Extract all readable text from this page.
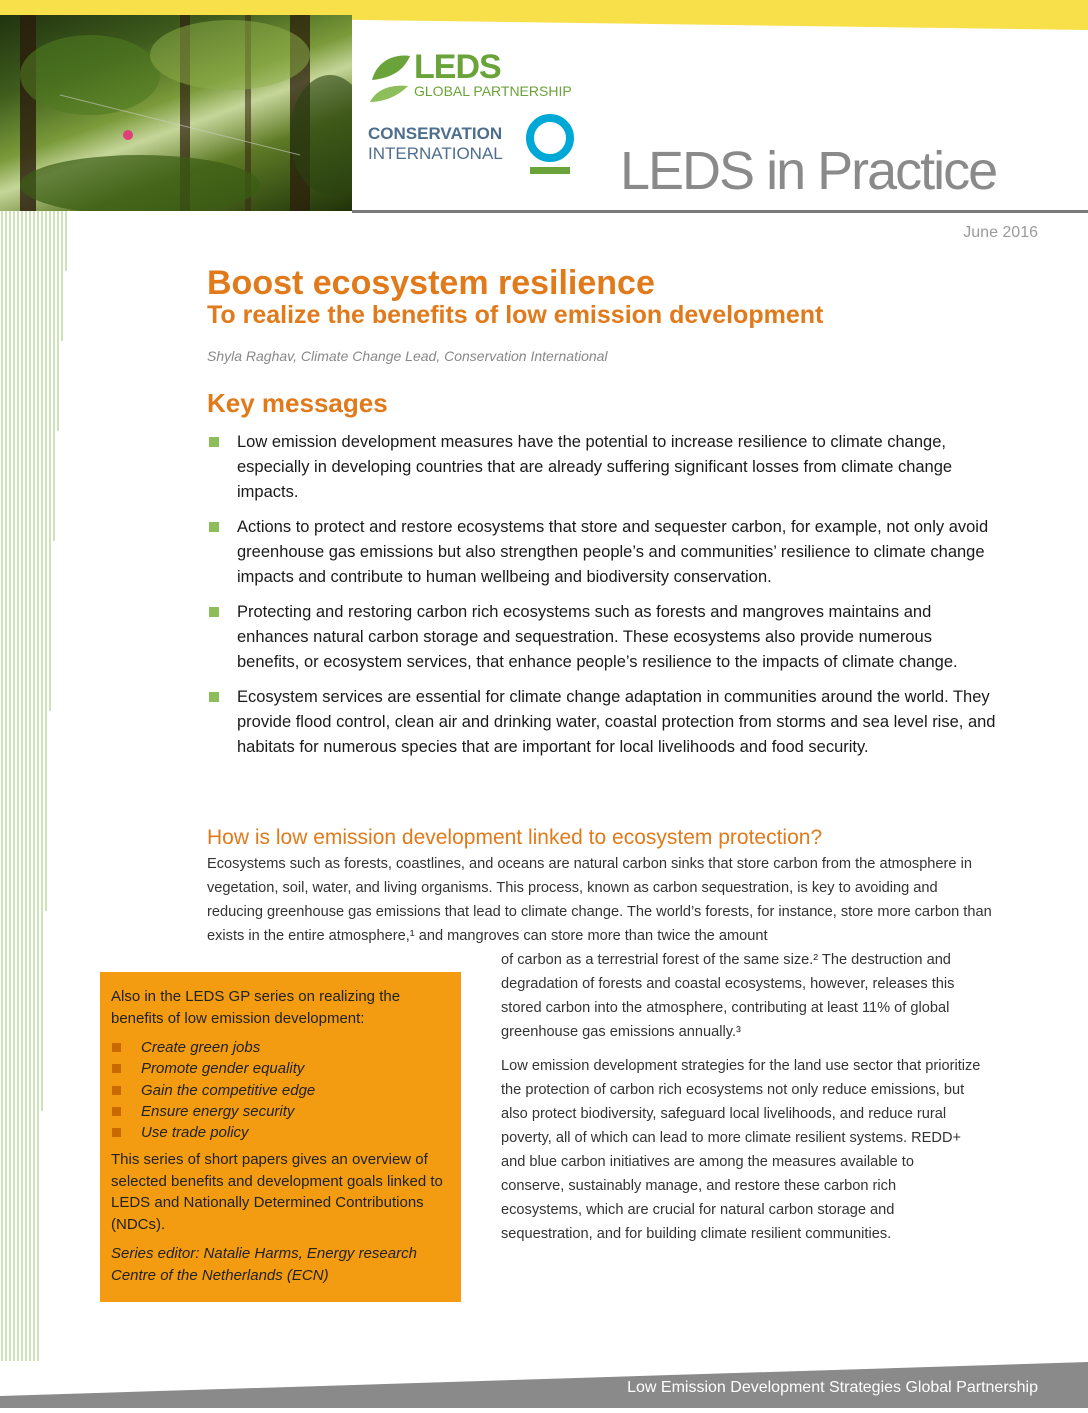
LEDS
GLOBAL PARTNERSHIP
CONSERVATION
INTERNATIONAL LEDS in Practice
June 2016
Boost ecosystem resilience
To realize the benefits of low emission development
Shyla Raghav, Climate Change Lead, Conservation International
Key messages
Low emission development measures have the potential to increase resilience to climate change, especially in developing countries that are already suffering significant losses from climate change impacts.
Actions to protect and restore ecosystems that store and sequester carbon, for example, not only avoid greenhouse gas emissions but also strengthen people’s and communities’ resilience to climate change impacts and contribute to human wellbeing and biodiversity conservation.
Protecting and restoring carbon rich ecosystems such as forests and mangroves maintains and enhances natural carbon storage and sequestration. These ecosystems also provide numerous benefits, or ecosystem services, that enhance people’s resilience to the impacts of climate change.
Ecosystem services are essential for climate change adaptation in communities around the world. They provide flood control, clean air and drinking water, coastal protection from storms and sea level rise, and habitats for numerous species that are important for local livelihoods and food security.
How is low emission development linked to ecosystem protection?

Ecosystems such as forests, coastlines, and oceans are natural carbon sinks that store carbon from the atmosphere in vegetation, soil, water, and living organisms. This process, known as carbon sequestration, is key to avoiding and reducing greenhouse gas emissions that lead to climate change. The world’s forests, for instance, store more carbon than exists in the entire atmosphere,¹ and mangroves can store more than twice the amount

of carbon as a terrestrial forest of the same size.² The destruction and degradation of forests and coastal ecosystems, however, releases this stored carbon into the atmosphere, contributing at least 11% of global greenhouse gas emissions annually.³

Low emission development strategies for the land use sector that prioritize the protection of carbon rich ecosystems not only reduce emissions, but also protect biodiversity, safeguard local livelihoods, and reduce rural poverty, all of which can lead to more climate resilient systems. REDD+ and blue carbon initiatives are among the measures available to conserve, sustainably manage, and restore these carbon rich ecosystems, which are crucial for natural carbon storage and sequestration, and for building climate resilient communities.

Also in the LEDS GP series on realizing the benefits of low emission development:

Create green jobs
Promote gender equality
Gain the competitive edge
Ensure energy security
Use trade policy

This series of short papers gives an overview of selected benefits and development goals linked to LEDS and Nationally Determined Contributions (NDCs).

Series editor: Natalie Harms, Energy research Centre of the Netherlands (ECN)

Low Emission Development Strategies Global Partnership
